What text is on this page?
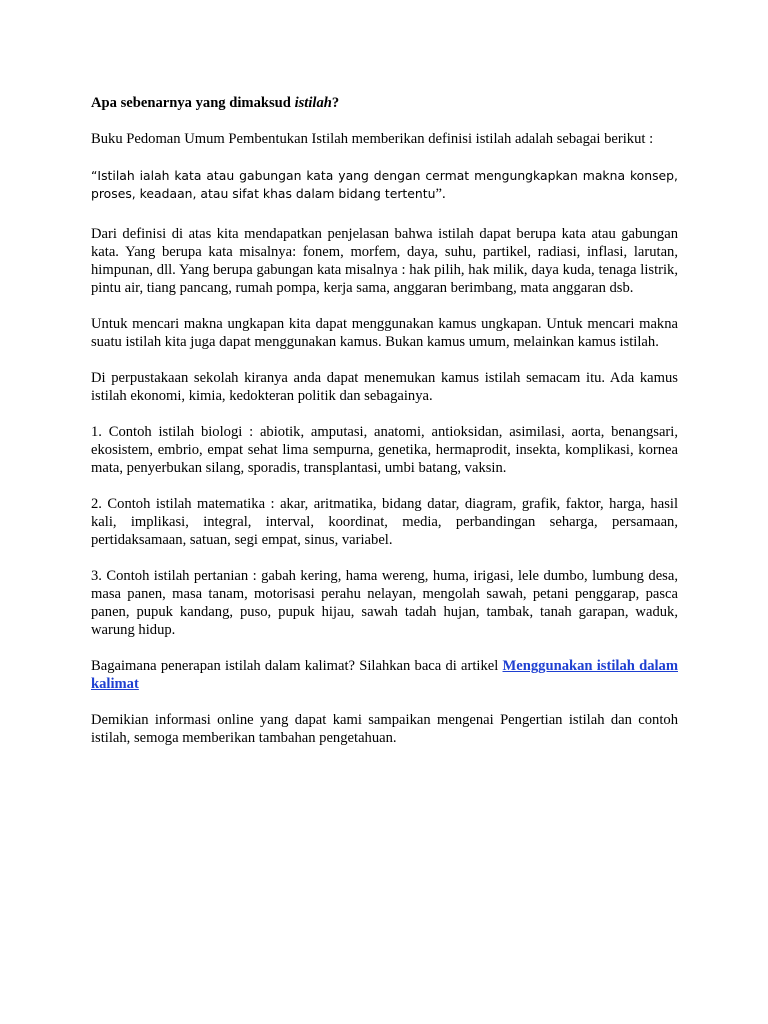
Apa sebenarnya yang dimaksud istilah?

Buku Pedoman Umum Pembentukan Istilah memberikan definisi istilah adalah sebagai berikut :

“Istilah ialah kata atau gabungan kata yang dengan cermat mengungkapkan makna konsep, proses, keadaan, atau sifat khas dalam bidang tertentu”.

Dari definisi di atas kita mendapatkan penjelasan bahwa istilah dapat berupa kata atau gabungan kata. Yang berupa kata misalnya: fonem, morfem, daya, suhu, partikel, radiasi, inflasi, larutan, himpunan, dll. Yang berupa gabungan kata misalnya : hak pilih, hak milik, daya kuda, tenaga listrik, pintu air, tiang pancang, rumah pompa, kerja sama, anggaran berimbang, mata anggaran dsb.

Untuk mencari makna ungkapan kita dapat menggunakan kamus ungkapan. Untuk mencari makna suatu istilah kita juga dapat menggunakan kamus. Bukan kamus umum, melainkan kamus istilah.

Di perpustakaan sekolah kiranya anda dapat menemukan kamus istilah semacam itu. Ada kamus istilah ekonomi, kimia, kedokteran politik dan sebagainya.

1. Contoh istilah biologi : abiotik, amputasi, anatomi, antioksidan, asimilasi, aorta, benangsari, ekosistem, embrio, empat sehat lima sempurna, genetika, hermaprodit, insekta, komplikasi, kornea mata, penyerbukan silang, sporadis, transplantasi, umbi batang, vaksin.

2. Contoh istilah matematika : akar, aritmatika, bidang datar, diagram, grafik, faktor, harga, hasil kali, implikasi, integral, interval, koordinat, media, perbandingan seharga, persamaan, pertidaksamaan, satuan, segi empat, sinus, variabel.

3. Contoh istilah pertanian : gabah kering, hama wereng, huma, irigasi, lele dumbo, lumbung desa, masa panen, masa tanam, motorisasi perahu nelayan, mengolah sawah, petani penggarap, pasca panen, pupuk kandang, puso, pupuk hijau, sawah tadah hujan, tambak, tanah garapan, waduk, warung hidup.

Bagaimana penerapan istilah dalam kalimat? Silahkan baca di artikel Menggunakan istilah dalam kalimat

Demikian informasi online yang dapat kami sampaikan mengenai Pengertian istilah dan contoh istilah, semoga memberikan tambahan pengetahuan.
